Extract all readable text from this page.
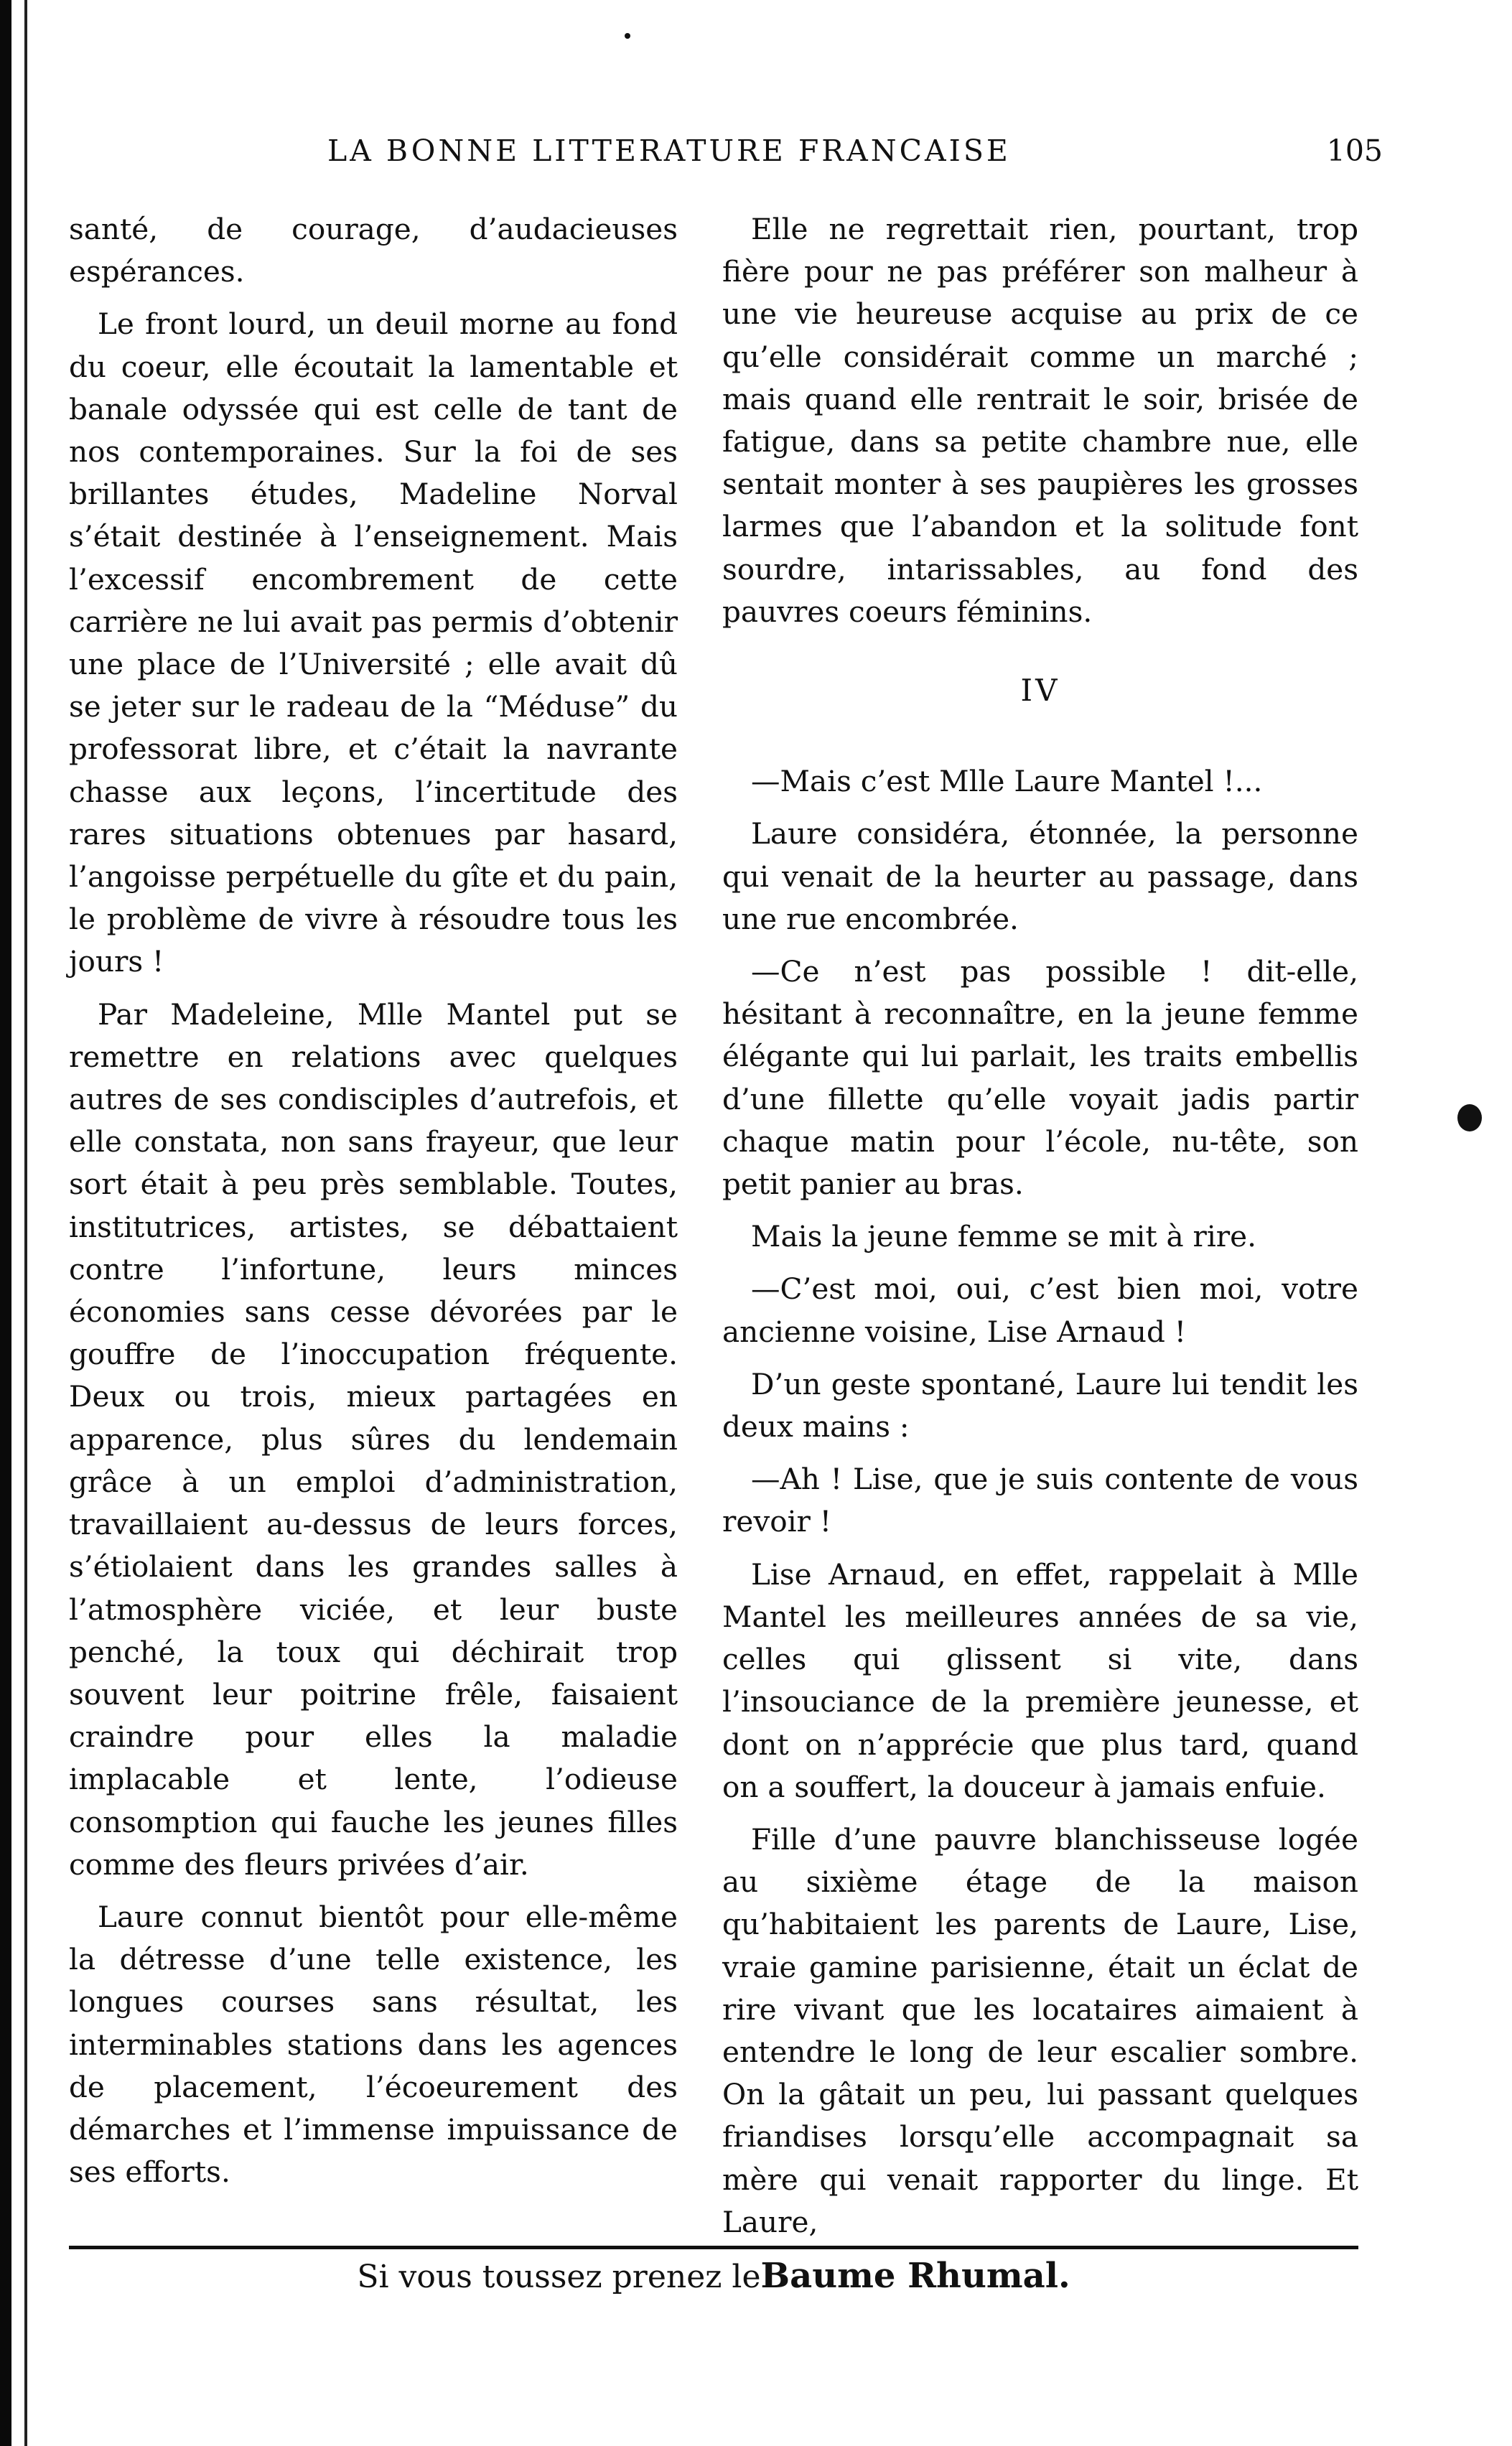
LA BONNE LITTERATURE FRANCAISE	105

santé, de courage, d’audacieuses espérances.

Le front lourd, un deuil morne au fond du coeur, elle écoutait la lamentable et banale odyssée qui est celle de tant de nos contemporaines. Sur la foi de ses brillantes études, Madeline Norval s’était destinée à l’enseignement. Mais l’excessif encombrement de cette carrière ne lui avait pas permis d’obtenir une place de l’Université ; elle avait dû se jeter sur le radeau de la “Méduse” du professorat libre, et c’était la navrante chasse aux leçons, l’incertitude des rares situations obtenues par hasard, l’angoisse perpétuelle du gîte et du pain, le problème de vivre à résoudre tous les jours !

Par Madeleine, Mlle Mantel put se remettre en relations avec quelques autres de ses condisciples d’autrefois, et elle constata, non sans frayeur, que leur sort était à peu près semblable. Toutes, institutrices, artistes, se débattaient contre l’infortune, leurs minces économies sans cesse dévorées par le gouffre de l’inoccupation fréquente. Deux ou trois, mieux partagées en apparence, plus sûres du lendemain grâce à un emploi d’administration, travaillaient au-dessus de leurs forces, s’étiolaient dans les grandes salles à l’atmosphère viciée, et leur buste penché, la toux qui déchirait trop souvent leur poitrine frêle, faisaient craindre pour elles la maladie implacable et lente, l’odieuse consomption qui fauche les jeunes filles comme des fleurs privées d’air.

Laure connut bientôt pour elle-même la détresse d’une telle existence, les longues courses sans résultat, les interminables stations dans les agences de placement, l’écoeurement des démarches et l’immense impuissance de ses efforts.

Elle ne regrettait rien, pourtant, trop fière pour ne pas préférer son malheur à une vie heureuse acquise au prix de ce qu’elle considérait comme un marché ; mais quand elle rentrait le soir, brisée de fatigue, dans sa petite chambre nue, elle sentait monter à ses paupières les grosses larmes que l’abandon et la solitude font sourdre, intarissables, au fond des pauvres coeurs féminins.

IV

—Mais c’est Mlle Laure Mantel !...

Laure considéra, étonnée, la personne qui venait de la heurter au passage, dans une rue encombrée.

—Ce n’est pas possible ! dit-elle, hésitant à reconnaître, en la jeune femme élégante qui lui parlait, les traits embellis d’une fillette qu’elle voyait jadis partir chaque matin pour l’école, nu-tête, son petit panier au bras.

Mais la jeune femme se mit à rire.

—C’est moi, oui, c’est bien moi, votre ancienne voisine, Lise Arnaud !

D’un geste spontané, Laure lui tendit les deux mains :

—Ah ! Lise, que je suis contente de vous revoir !

Lise Arnaud, en effet, rappelait à Mlle Mantel les meilleures années de sa vie, celles qui glissent si vite, dans l’insouciance de la première jeunesse, et dont on n’apprécie que plus tard, quand on a souffert, la douceur à jamais enfuie.

Fille d’une pauvre blanchisseuse logée au sixième étage de la maison qu’habitaient les parents de Laure, Lise, vraie gamine parisienne, était un éclat de rire vivant que les locataires aimaient à entendre le long de leur escalier sombre. On la gâtait un peu, lui passant quelques friandises lorsqu’elle accompagnait sa mère qui venait rapporter du linge. Et Laure,

Si vous toussez prenez leBaume Rhumal.
